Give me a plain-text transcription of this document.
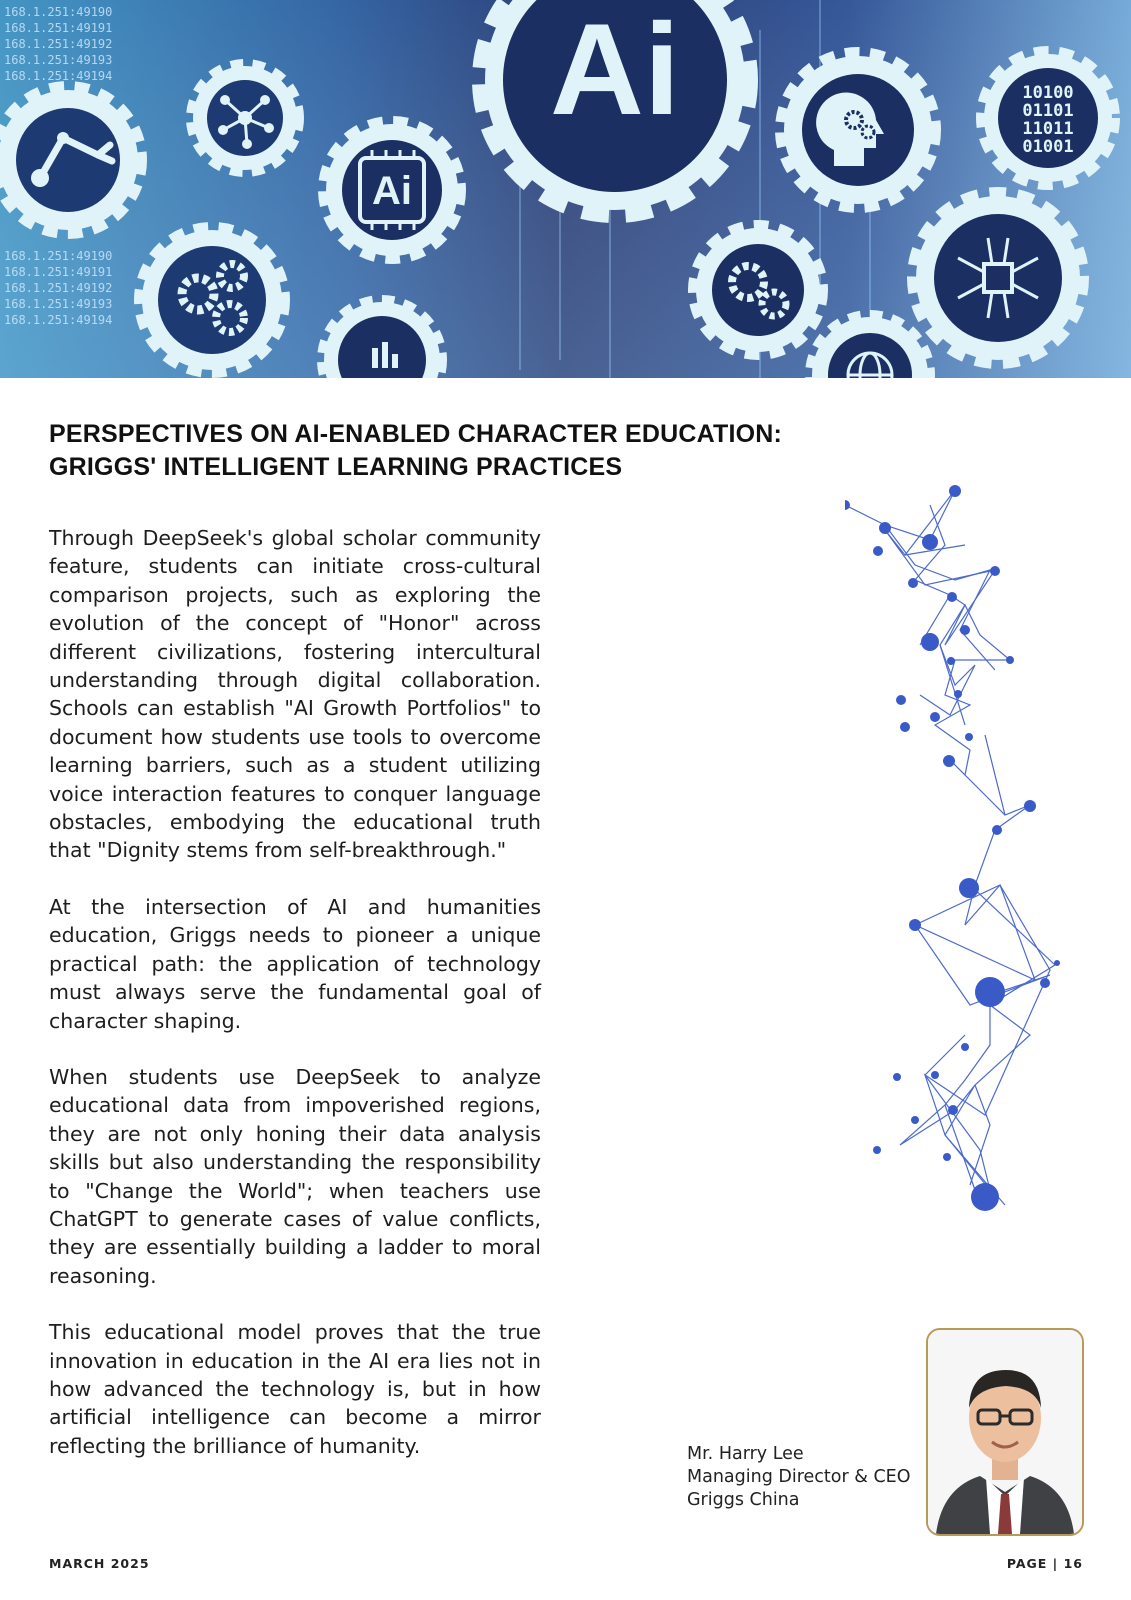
168.1.251:49190
168.1.251:49191
168.1.251:49192
168.1.251:49193
168.1.251:49194
168.1.251:49190
168.1.251:49191
168.1.251:49192
168.1.251:49193
168.1.251:49194
Ai
Ai	10100
01101
11011
01001
PERSPECTIVES ON AI-ENABLED CHARACTER EDUCATION:
GRIGGS' INTELLIGENT LEARNING PRACTICES

Through DeepSeek's global scholar community feature, students can initiate cross-cultural comparison projects, such as exploring the evolution of the concept of "Honor" across different civilizations, fostering intercultural understanding through digital collaboration. Schools can establish "AI Growth Portfolios" to document how students use tools to overcome learning barriers, such as a student utilizing voice interaction features to conquer language obstacles, embodying the educational truth that "Dignity stems from self-breakthrough."

At the intersection of AI and humanities education, Griggs needs to pioneer a unique practical path: the application of technology must always serve the fundamental goal of character shaping.

When students use DeepSeek to analyze educational data from impoverished regions, they are not only honing their data analysis skills but also understanding the responsibility to "Change the World"; when teachers use ChatGPT to generate cases of value conflicts, they are essentially building a ladder to moral reasoning.

This educational model proves that the true innovation in education in the AI era lies not in how advanced the technology is, but in how artificial intelligence can become a mirror reflecting the brilliance of humanity.	Mr. Harry Lee
Managing Director & CEO
Griggs China
MARCH 2025	PAGE | 16
